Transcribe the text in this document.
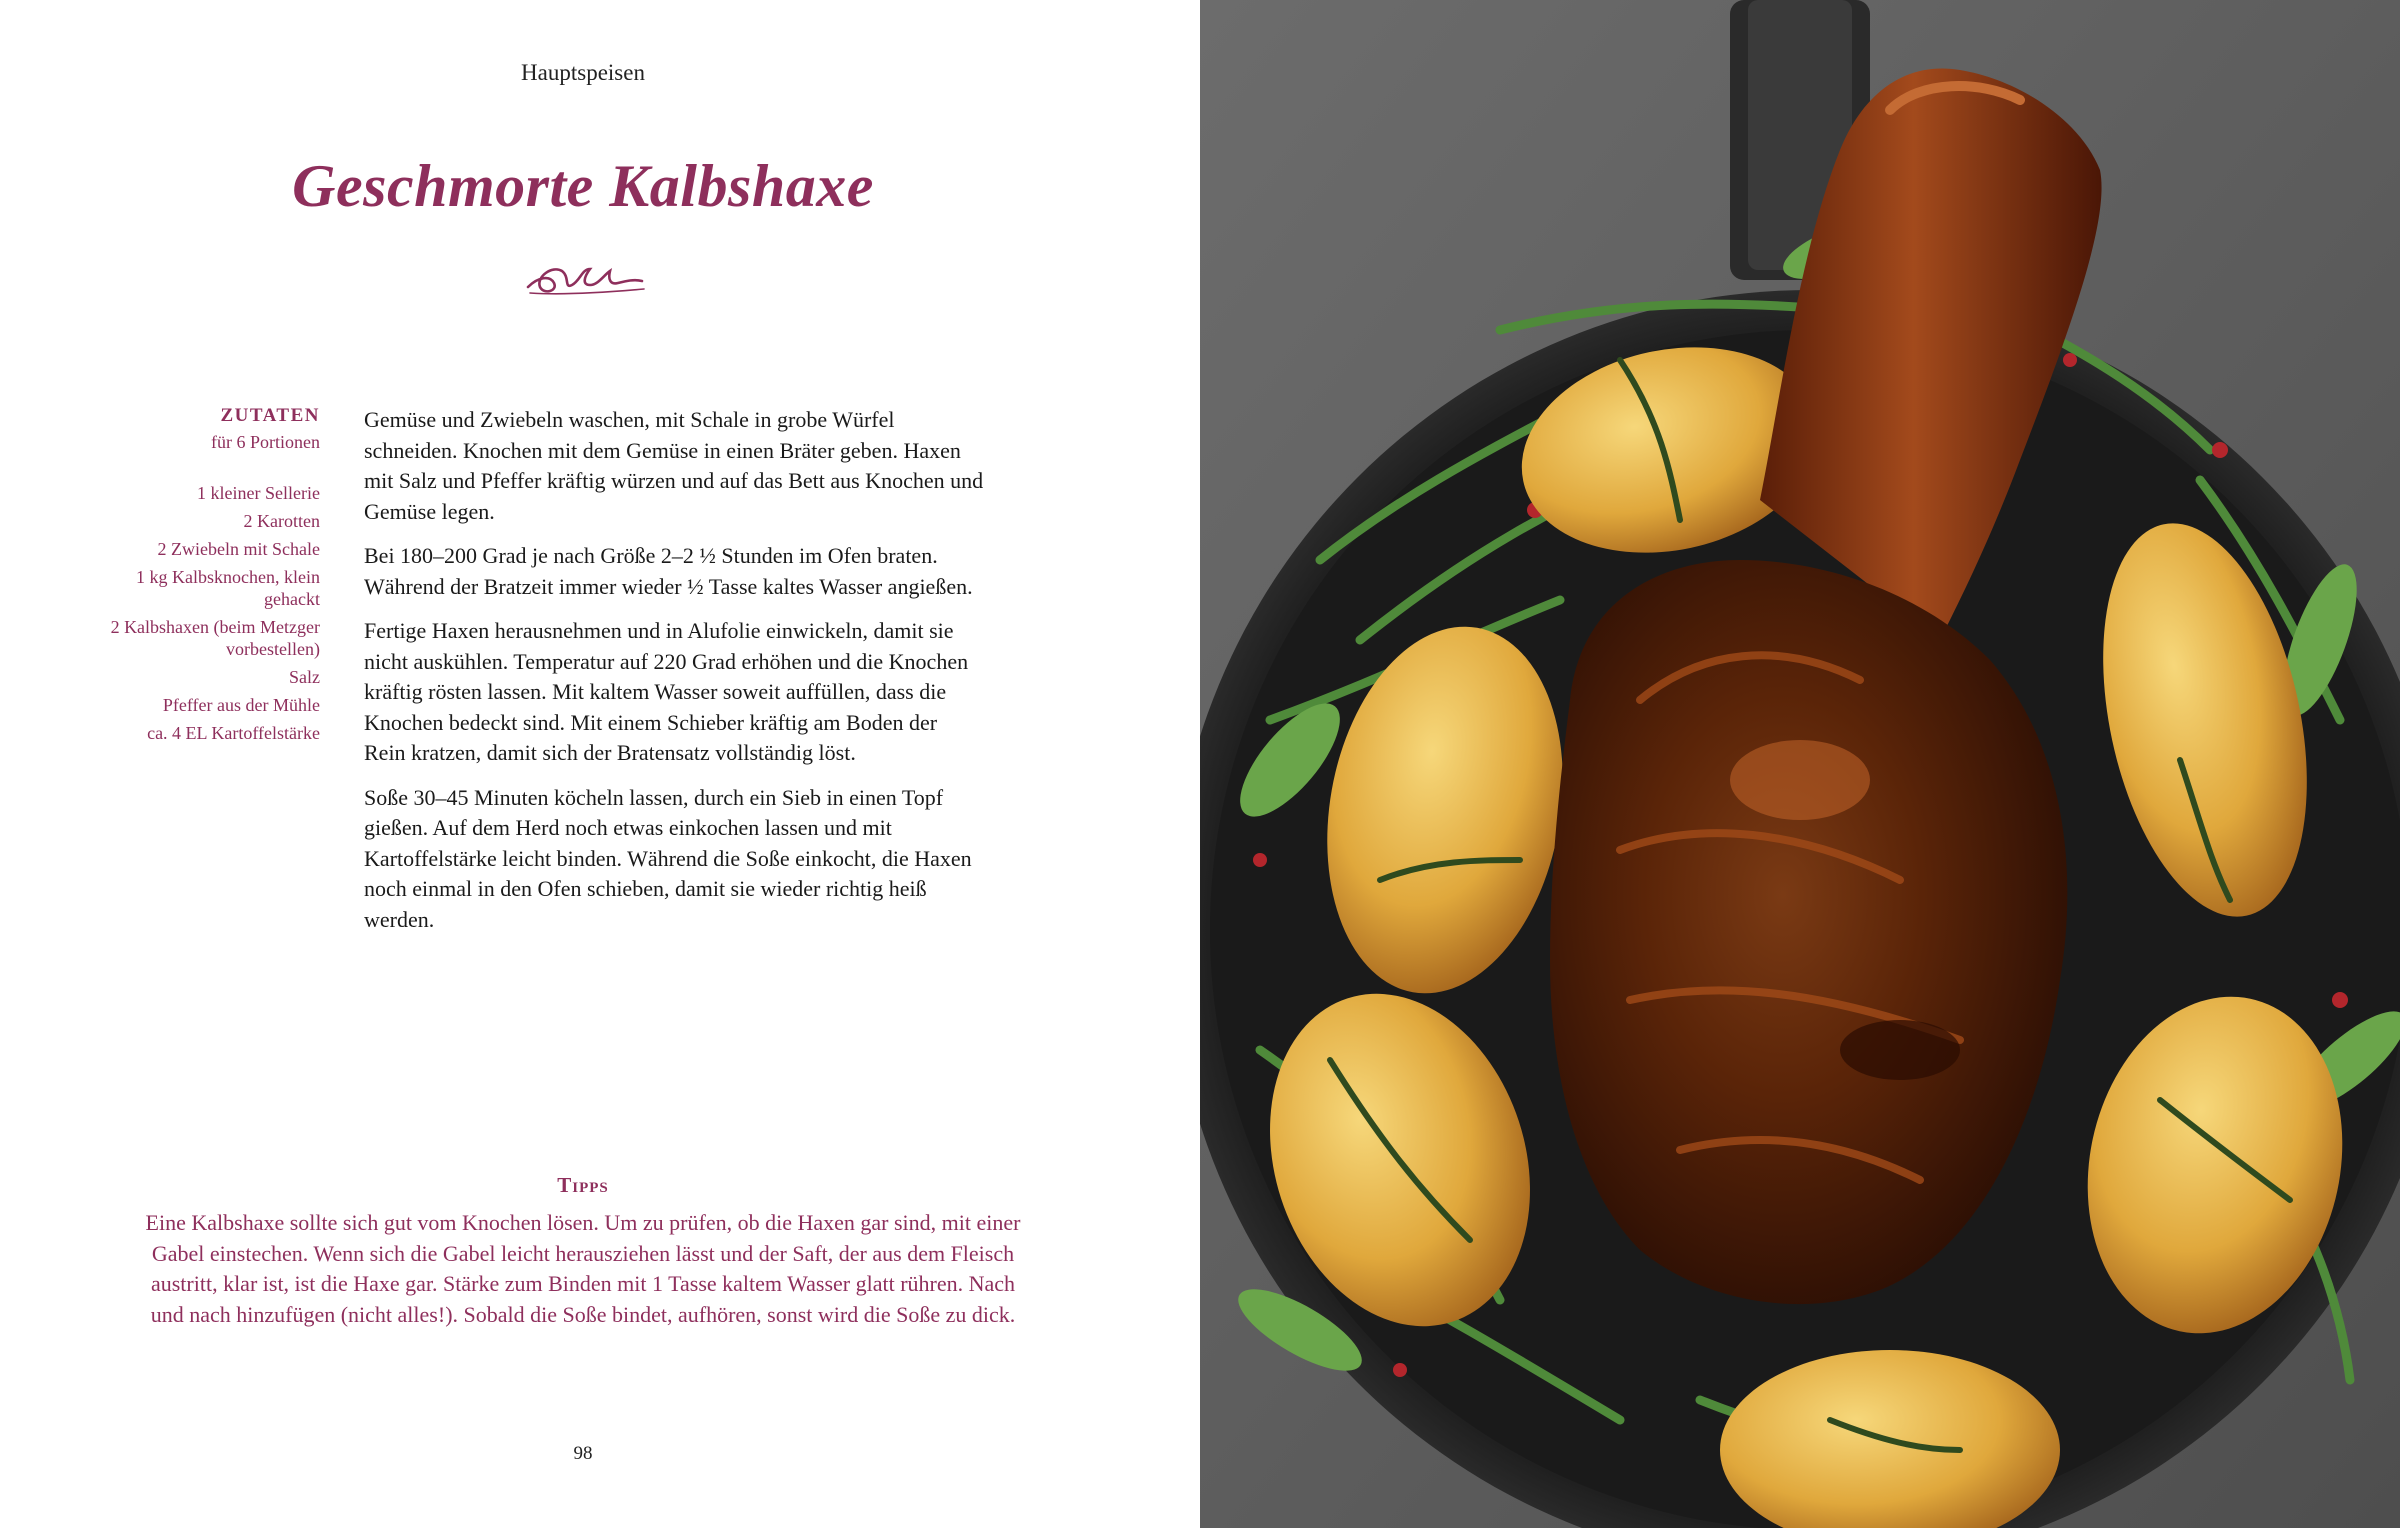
Hauptspeisen
Geschmorte Kalbshaxe
ZUTATEN
für 6 Portionen
1 kleiner Sellerie
2 Karotten
2 Zwiebeln mit Schale
1 kg Kalbsknochen, klein gehackt
2 Kalbshaxen (beim Metzger vorbestellen)
Salz
Pfeffer aus der Mühle
ca. 4 EL Kartoffelstärke

Gemüse und Zwiebeln waschen, mit Schale in grobe Würfel schneiden. Knochen mit dem Gemüse in einen Bräter geben. Haxen mit Salz und Pfeffer kräftig würzen und auf das Bett aus Knochen und Gemüse legen.

Bei 180–200 Grad je nach Größe 2–2 ½ Stunden im Ofen braten. Während der Bratzeit immer wieder ½ Tasse kaltes Wasser angießen.

Fertige Haxen herausnehmen und in Alufolie einwickeln, damit sie nicht auskühlen. Temperatur auf 220 Grad erhöhen und die Knochen kräftig rösten lassen. Mit kaltem Wasser soweit auffüllen, dass die Knochen bedeckt sind. Mit einem Schieber kräftig am Boden der Rein kratzen, damit sich der Bratensatz vollständig löst.

Soße 30–45 Minuten köcheln lassen, durch ein Sieb in einen Topf gießen. Auf dem Herd noch etwas einkochen lassen und mit Kartoffelstärke leicht binden. Während die Soße einkocht, die Haxen noch einmal in den Ofen schieben, damit sie wieder richtig heiß werden.

Tipps
Eine Kalbshaxe sollte sich gut vom Knochen lösen. Um zu prüfen, ob die Haxen gar sind, mit einer Gabel einstechen. Wenn sich die Gabel leicht herausziehen lässt und der Saft, der aus dem Fleisch austritt, klar ist, ist die Haxe gar. Stärke zum Binden mit 1 Tasse kaltem Wasser glatt rühren. Nach und nach hinzufügen (nicht alles!). Sobald die Soße bindet, aufhören, sonst wird die Soße zu dick.
98
